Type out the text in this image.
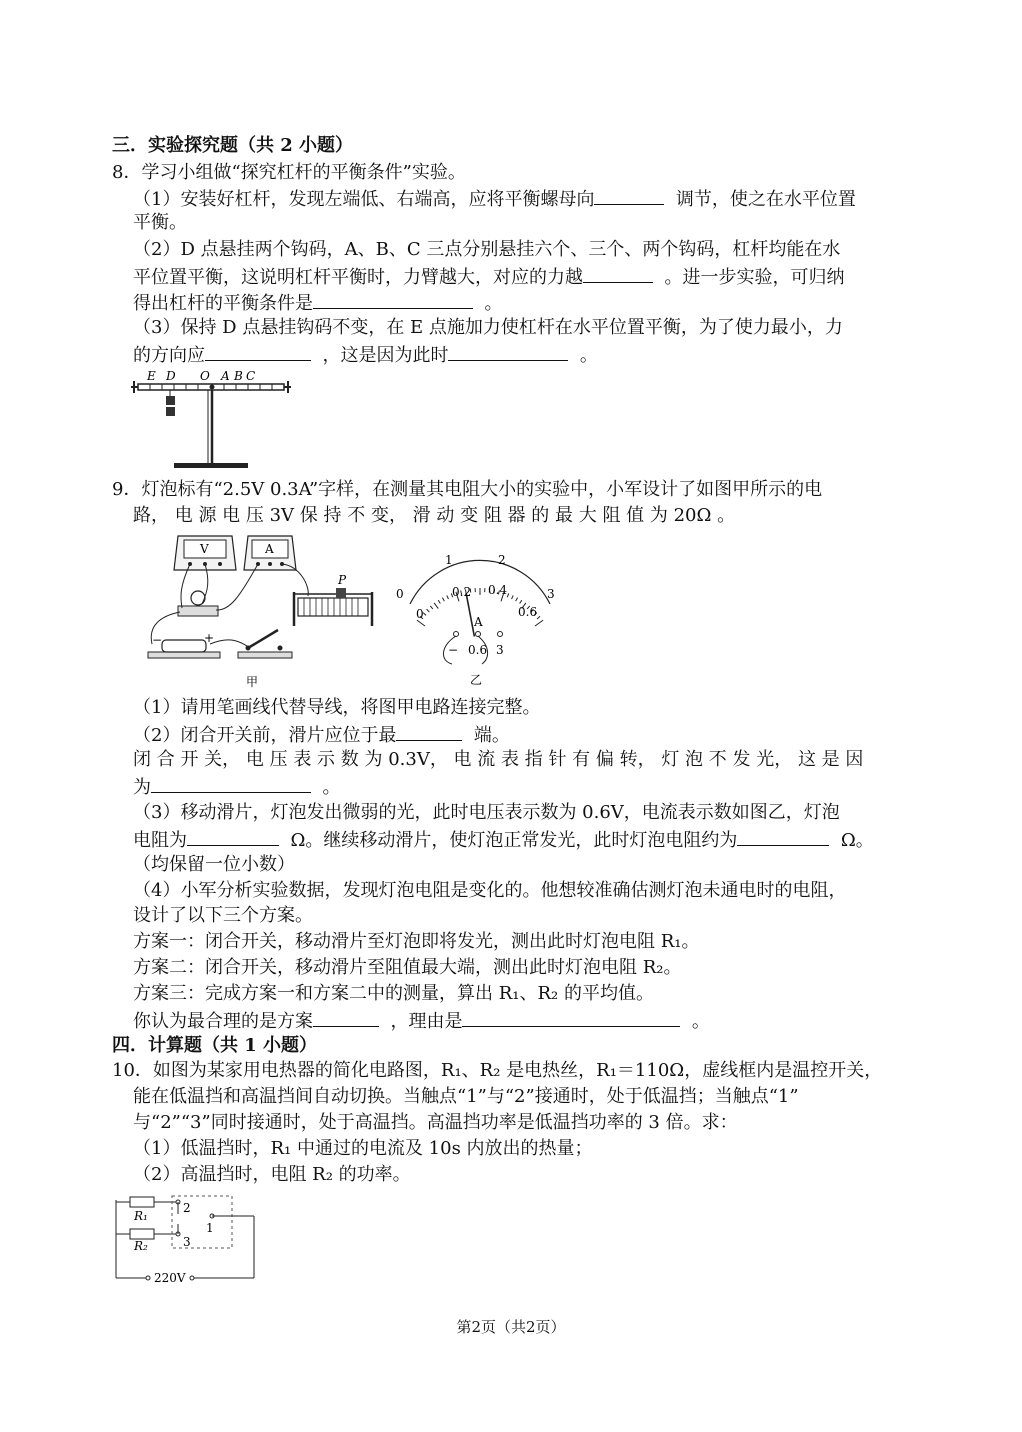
三．实验探究题（共 2 小题）
8．学习小组做“探究杠杆的平衡条件”实验。
（1）安装好杠杆，发现左端低、右端高，应将平衡螺母向	调节，使之在水平位置
平衡。
（2）D 点悬挂两个钩码，A、B、C 三点分别悬挂六个、三个、两个钩码，杠杆均能在水
平位置平衡，这说明杠杆平衡时，力臂越大，对应的力越	。进一步实验，可归纳
得出杠杆的平衡条件是	。
（3）保持 D 点悬挂钩码不变，在 E 点施加力使杠杆在水平位置平衡，为了使力最小，力
的方向应	，这是因为此时	。
E D O A B C
9．灯泡标有“2.5V 0.3A”字样，在测量其电阻大小的实验中，小军设计了如图甲所示的电
路， 电 源 电 压 3V 保 持 不 变， 滑 动 变 阻 器 的 最 大 阻 值 为 20Ω 。
V	A
P
−	+
甲
0
1	2
3
0
0.2 0.4
0.6
A
− 0.6 3
乙
（1）请用笔画线代替导线，将图甲电路连接完整。
（2）闭合开关前，滑片应位于最	端。
闭 合 开 关， 电 压 表 示 数 为 0.3V， 电 流 表 指 针 有 偏 转， 灯 泡 不 发 光， 这 是 因
为	。
（3）移动滑片，灯泡发出微弱的光，此时电压表示数为 0.6V，电流表示数如图乙，灯泡
电阻为	Ω。继续移动滑片，使灯泡正常发光，此时灯泡电阻约为	Ω。
（均保留一位小数）
（4）小军分析实验数据，发现灯泡电阻是变化的。他想较准确估测灯泡未通电时的电阻，
设计了以下三个方案。
方案一：闭合开关，移动滑片至灯泡即将发光，测出此时灯泡电阻 R₁。
方案二：闭合开关，移动滑片至阻值最大端，测出此时灯泡电阻 R₂。
方案三：完成方案一和方案二中的测量，算出 R₁、R₂ 的平均值。
你认为最合理的是方案	，理由是	。
四．计算题（共 1 小题）
10．如图为某家用电热器的简化电路图，R₁、R₂ 是电热丝，R₁＝110Ω，虚线框内是温控开关，
能在低温挡和高温挡间自动切换。当触点“1”与“2”接通时，处于低温挡；当触点“1”
与“2”“3”同时接通时，处于高温挡。高温挡功率是低温挡功率的 3 倍。求：
（1）低温挡时，R₁ 中通过的电流及 10s 内放出的热量；
（2）高温挡时，电阻 R₂ 的功率。
R₁
R₂
2
1
3
220V
第2页（共2页）
